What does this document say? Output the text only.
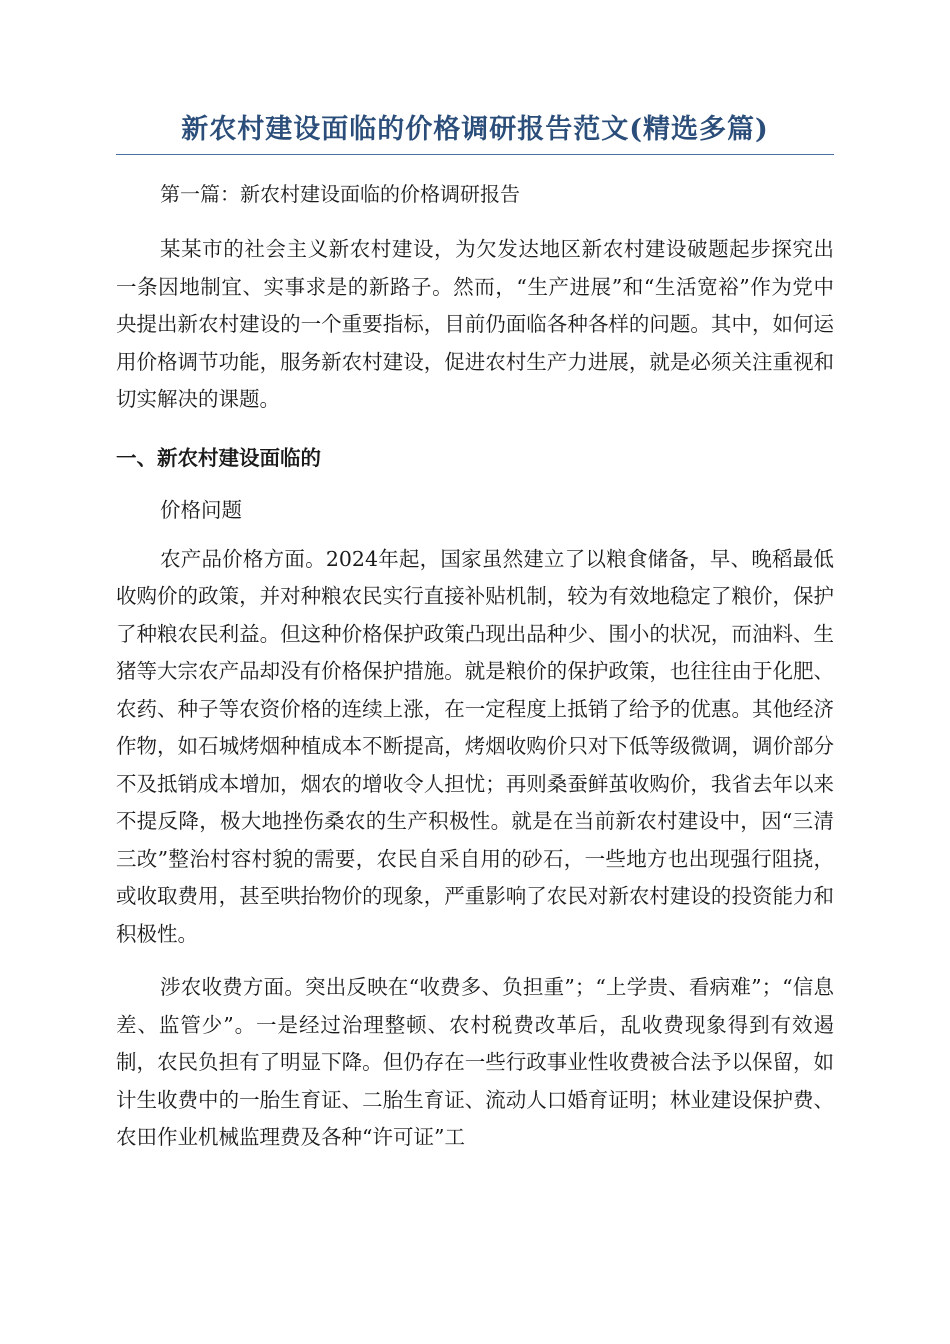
新农村建设面临的价格调研报告范文(精选多篇)

第一篇：新农村建设面临的价格调研报告

某某市的社会主义新农村建设，为欠发达地区新农村建设破题起步探究出一条因地制宜、实事求是的新路子。然而，“生产进展”和“生活宽裕”作为党中央提出新农村建设的一个重要指标，目前仍面临各种各样的问题。其中，如何运用价格调节功能，服务新农村建设，促进农村生产力进展，就是必须关注重视和切实解决的课题。

一、新农村建设面临的

价格问题

农产品价格方面。2024年起，国家虽然建立了以粮食储备，早、晚稻最低收购价的政策，并对种粮农民实行直接补贴机制，较为有效地稳定了粮价，保护了种粮农民利益。但这种价格保护政策凸现出品种少、围小的状况，而油料、生猪等大宗农产品却没有价格保护措施。就是粮价的保护政策，也往往由于化肥、农药、种子等农资价格的连续上涨，在一定程度上抵销了给予的优惠。其他经济作物，如石城烤烟种植成本不断提高，烤烟收购价只对下低等级微调，调价部分不及抵销成本增加，烟农的增收令人担忧；再则桑蚕鲜茧收购价，我省去年以来不提反降，极大地挫伤桑农的生产积极性。就是在当前新农村建设中，因“三清三改”整治村容村貌的需要，农民自采自用的砂石，一些地方也出现强行阻挠，或收取费用，甚至哄抬物价的现象，严重影响了农民对新农村建设的投资能力和积极性。

涉农收费方面。突出反映在“收费多、负担重”；“上学贵、看病难”；“信息差、监管少”。一是经过治理整顿、农村税费改革后，乱收费现象得到有效遏制，农民负担有了明显下降。但仍存在一些行政事业性收费被合法予以保留，如计生收费中的一胎生育证、二胎生育证、流动人口婚育证明；林业建设保护费、农田作业机械监理费及各种“许可证”工
